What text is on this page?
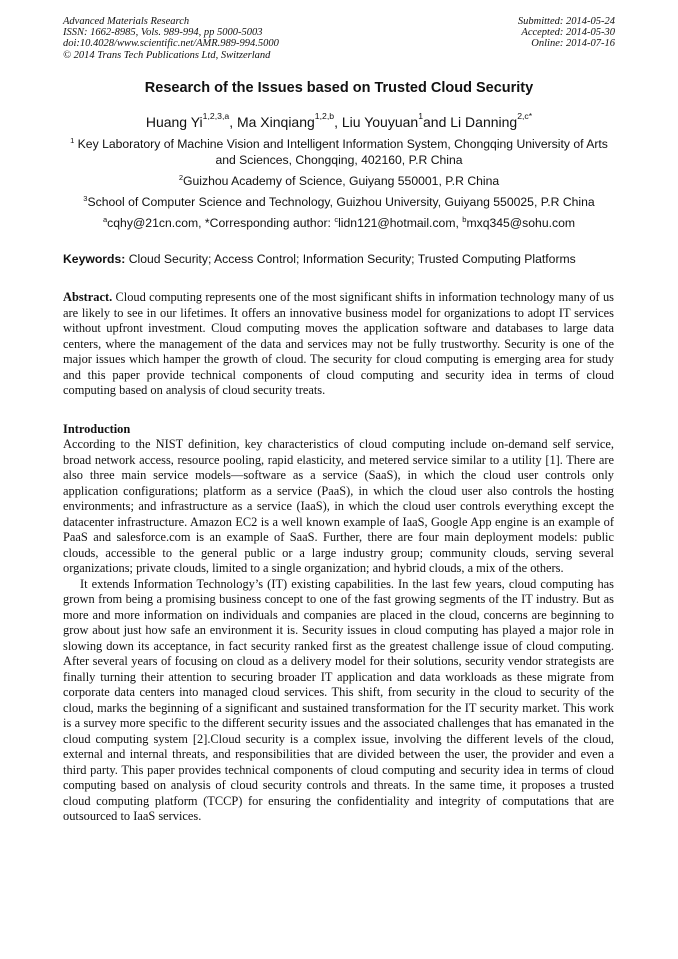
Advanced Materials Research
ISSN: 1662-8985, Vols. 989-994, pp 5000-5003
doi:10.4028/www.scientific.net/AMR.989-994.5000
© 2014 Trans Tech Publications Ltd, Switzerland
Submitted: 2014-05-24
Accepted: 2014-05-30
Online: 2014-07-16
Research of the Issues based on Trusted Cloud Security
Huang Yi$^{1,2,3,a}$, Ma Xinqiang$^{1,2,b}$, Liu Youyuan$^1$and Li Danning$^{2,c*}$
$^1$ Key Laboratory of Machine Vision and Intelligent Information System, Chongqing University of Arts and Sciences, Chongqing, 402160, P.R China
$^2$Guizhou Academy of Science, Guiyang 550001, P.R China
$^3$School of Computer Science and Technology, Guizhou University, Guiyang 550025, P.R China
$^a$cqhy@21cn.com, *Corresponding author: $^c$lidn121@hotmail.com, $^b$mxq345@sohu.com
Keywords: Cloud Security; Access Control; Information Security; Trusted Computing Platforms
Abstract. Cloud computing represents one of the most significant shifts in information technology many of us are likely to see in our lifetimes. It offers an innovative business model for organizations to adopt IT services without upfront investment. Cloud computing moves the application software and databases to large data centers, where the management of the data and services may not be fully trustworthy. Security is one of the major issues which hamper the growth of cloud. The security for cloud computing is emerging area for study and this paper provide technical components of cloud computing and security idea in terms of cloud computing based on analysis of cloud security treats.
Introduction

According to the NIST definition, key characteristics of cloud computing include on-demand self service, broad network access, resource pooling, rapid elasticity, and metered service similar to a utility [1]. There are also three main service models—software as a service (SaaS), in which the cloud user controls only application configurations; platform as a service (PaaS), in which the cloud user also controls the hosting environments; and infrastructure as a service (IaaS), in which the cloud user controls everything except the datacenter infrastructure. Amazon EC2 is a well known example of IaaS, Google App engine is an example of PaaS and salesforce.com is an example of SaaS. Further, there are four main deployment models: public clouds, accessible to the general public or a large industry group; community clouds, serving several organizations; private clouds, limited to a single organization; and hybrid clouds, a mix of the others.

It extends Information Technology’s (IT) existing capabilities. In the last few years, cloud computing has grown from being a promising business concept to one of the fast growing segments of the IT industry. But as more and more information on individuals and companies are placed in the cloud, concerns are beginning to grow about just how safe an environment it is. Security issues in cloud computing has played a major role in slowing down its acceptance, in fact security ranked first as the greatest challenge issue of cloud computing. After several years of focusing on cloud as a delivery model for their solutions, security vendor strategists are finally turning their attention to securing broader IT application and data workloads as these migrate from corporate data centers into managed cloud services. This shift, from security in the cloud to security of the cloud, marks the beginning of a significant and sustained transformation for the IT security market. This work is a survey more specific to the different security issues and the associated challenges that has emanated in the cloud computing system [2].Cloud security is a complex issue, involving the different levels of the cloud, external and internal threats, and responsibilities that are divided between the user, the provider and even a third party. This paper provides technical components of cloud computing and security idea in terms of cloud computing based on analysis of cloud security controls and threats. In the same time, it proposes a trusted cloud computing platform (TCCP) for ensuring the confidentiality and integrity of computations that are outsourced to IaaS services.
